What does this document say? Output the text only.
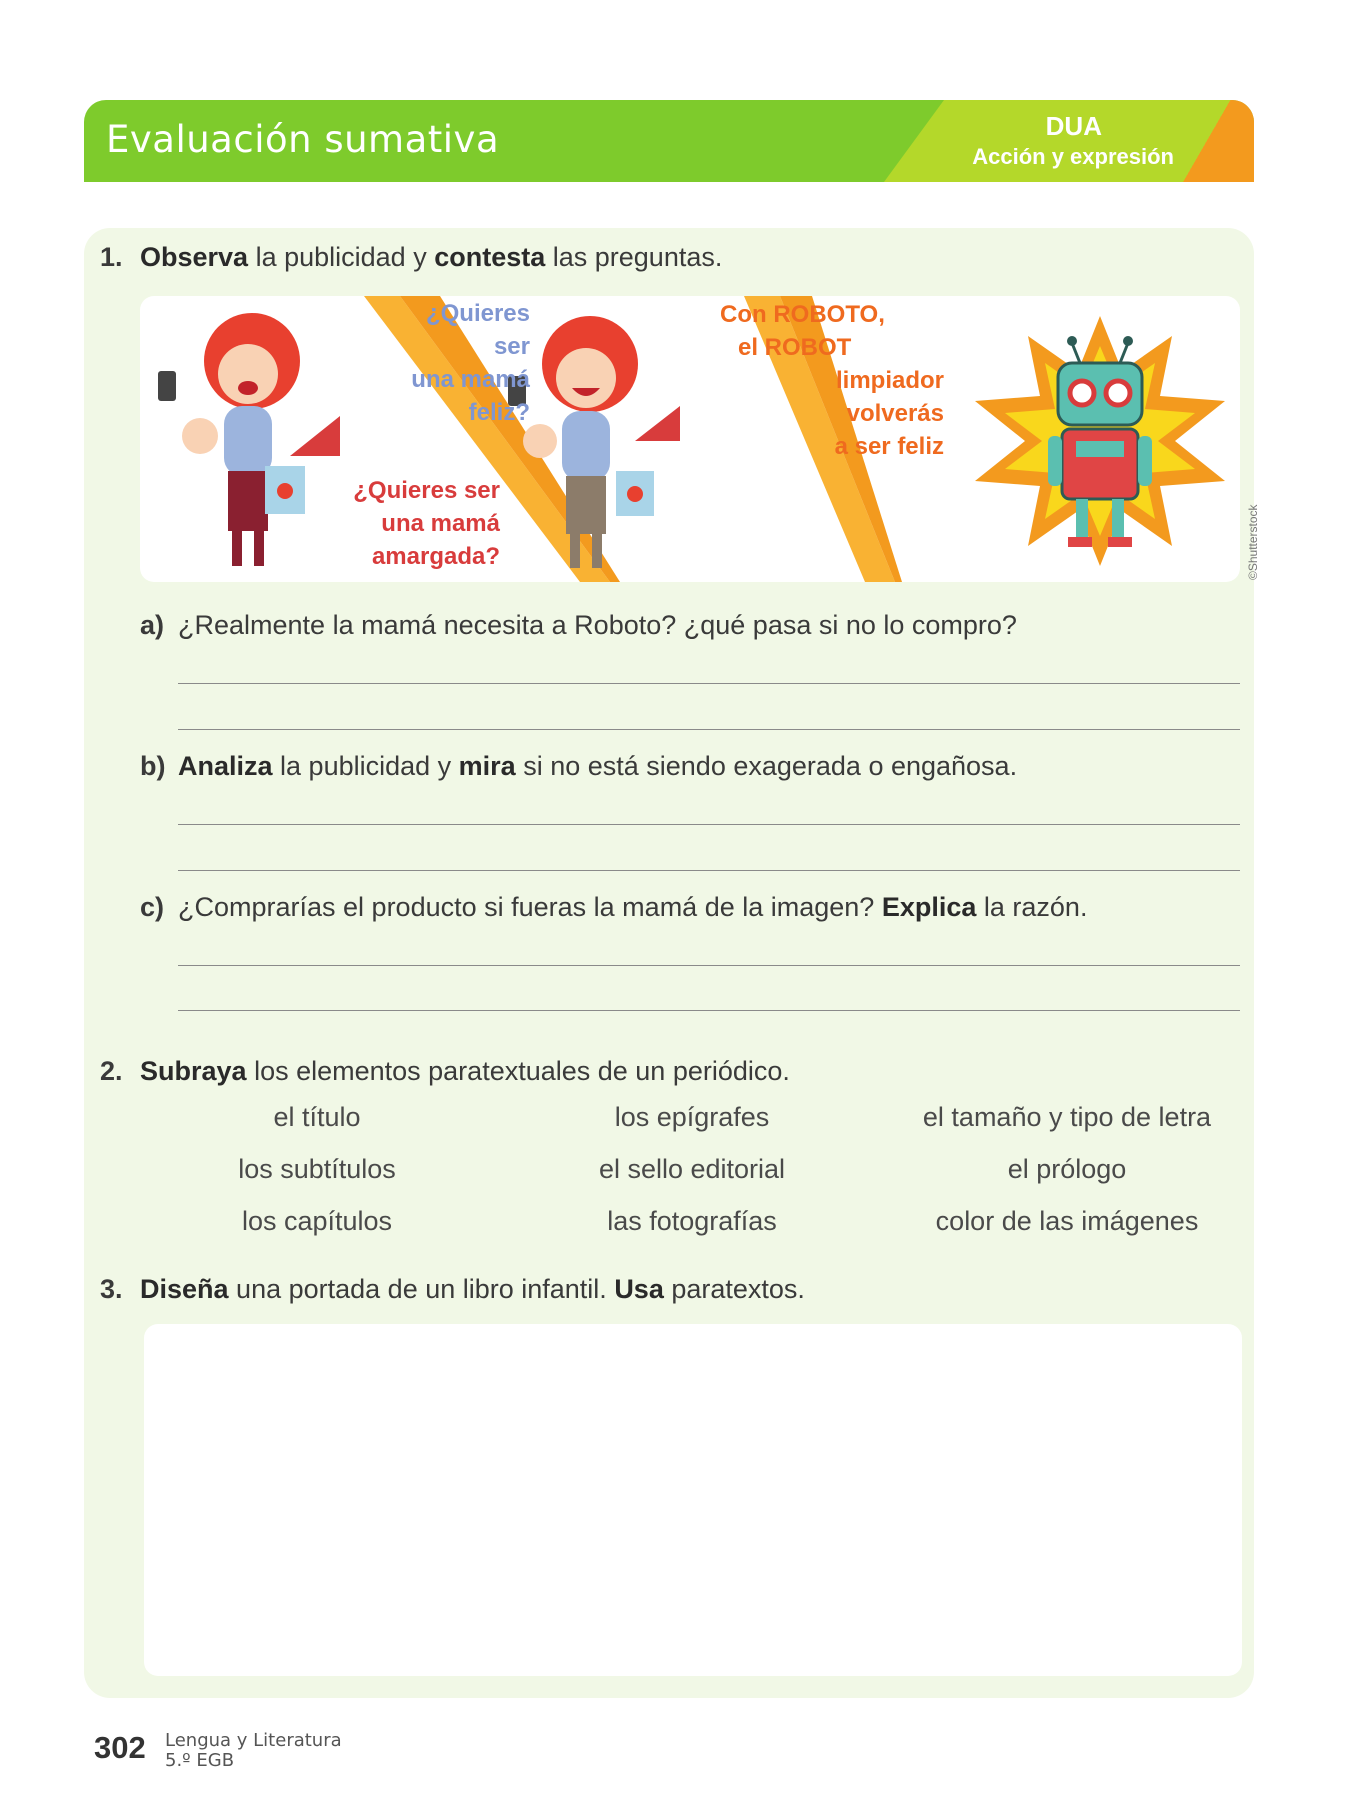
Evaluación sumativa	DUA
Acción y expresión
1. Observa la publicidad y contesta las preguntas.
¿Quieres ser
una mamá
feliz?
¿Quieres ser
una mamá
amargada?
Con ROBOTO,
el ROBOT
limpiador
volverás
a ser feliz
©Shutterstock
a) ¿Realmente la mamá necesita a Roboto? ¿qué pasa si no lo compro?
b) Analiza la publicidad y mira si no está siendo exagerada o engañosa.
c) ¿Comprarías el producto si fueras la mamá de la imagen? Explica la razón.
2. Subraya los elementos paratextuales de un periódico.
el título	los epígrafes	el tamaño y tipo de letra
los subtítulos	el sello editorial	el prólogo
los capítulos	las fotografías	color de las imágenes
3. Diseña una portada de un libro infantil. Usa paratextos.
302 Lengua y Literatura
5.º EGB
